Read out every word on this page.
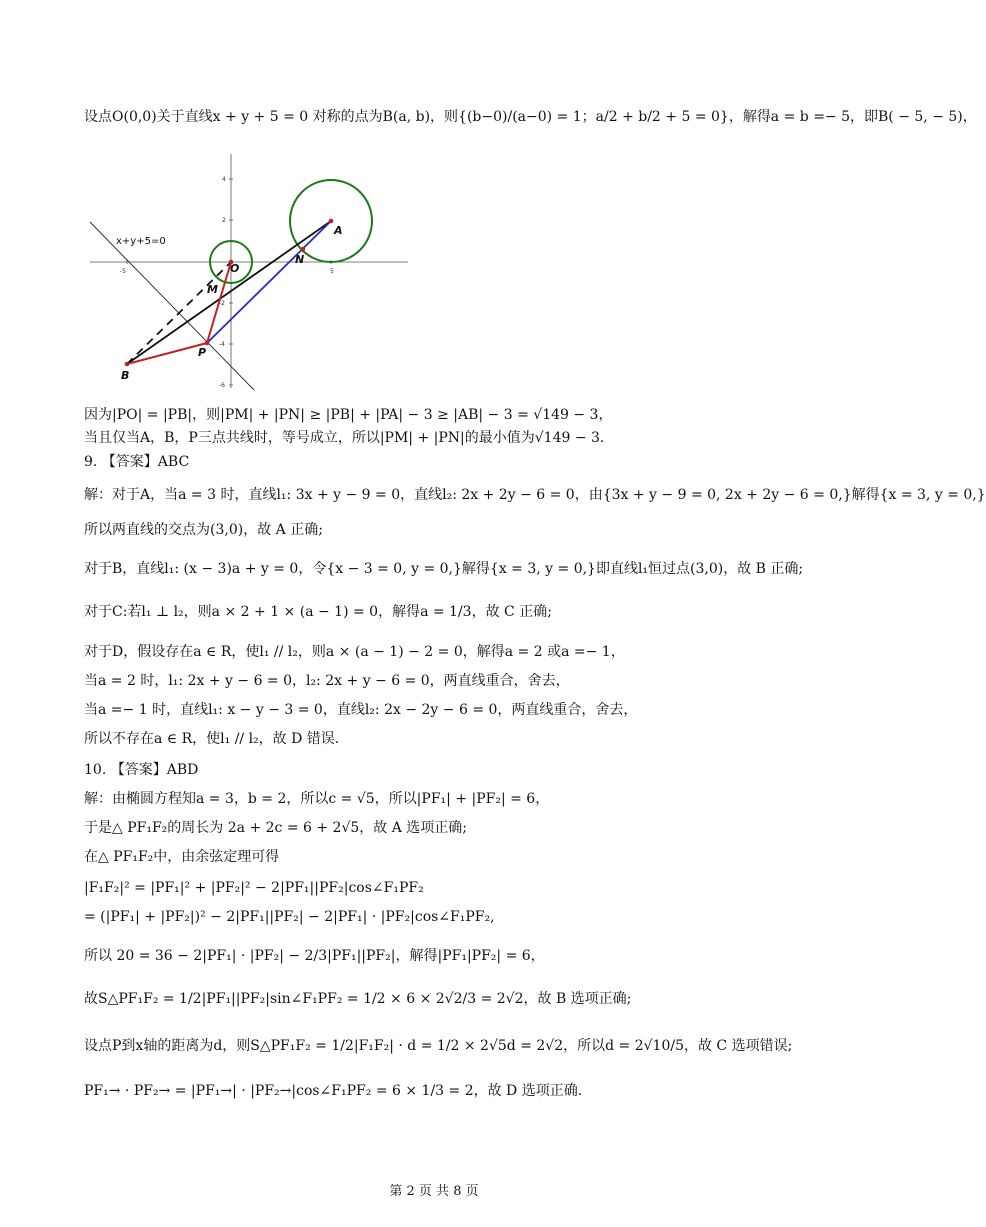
设点O(0,0)关于直线x + y + 5 = 0 对称的点为B(a, b)，则{(b−0)/(a−0) = 1；a/2 + b/2 + 5 = 0}，解得a = b =− 5，即B( − 5, − 5)，
-5	5
4
2
-2
-4
-6
x+y+5=0
O
A
B
P
M
N
因为|PO| = |PB|，则|PM| + |PN| ≥ |PB| + |PA| − 3 ≥ |AB| − 3 = √149 − 3，
当且仅当A，B，P三点共线时，等号成立，所以|PM| + |PN|的最小值为√149 − 3.
9. 【答案】ABC
解：对于A，当a = 3 时，直线l₁: 3x + y − 9 = 0，直线l₂: 2x + 2y − 6 = 0，由{3x + y − 9 = 0, 2x + 2y − 6 = 0,}解得{x = 3, y = 0,}
所以两直线的交点为(3,0)，故 A 正确;
对于B，直线l₁: (x − 3)a + y = 0，令{x − 3 = 0, y = 0,}解得{x = 3, y = 0,}即直线l₁恒过点(3,0)，故 B 正确;
对于C:若l₁ ⊥ l₂，则a × 2 + 1 × (a − 1) = 0，解得a = 1/3，故 C 正确;
对于D，假设存在a ∈ R，使l₁ // l₂，则a × (a − 1) − 2 = 0，解得a = 2 或a =− 1，
当a = 2 时，l₁: 2x + y − 6 = 0，l₂: 2x + y − 6 = 0，两直线重合，舍去，
当a =− 1 时，直线l₁: x − y − 3 = 0，直线l₂: 2x − 2y − 6 = 0，两直线重合，舍去，
所以不存在a ∈ R，使l₁ // l₂，故 D 错误.
10. 【答案】ABD
解：由椭圆方程知a = 3，b = 2，所以c = √5，所以|PF₁| + |PF₂| = 6，
于是△ PF₁F₂的周长为 2a + 2c = 6 + 2√5，故 A 选项正确;
在△ PF₁F₂中，由余弦定理可得
|F₁F₂|² = |PF₁|² + |PF₂|² − 2|PF₁||PF₂|cos∠F₁PF₂
= (|PF₁| + |PF₂|)² − 2|PF₁||PF₂| − 2|PF₁| · |PF₂|cos∠F₁PF₂,
所以 20 = 36 − 2|PF₁| · |PF₂| − 2/3|PF₁||PF₂|，解得|PF₁|PF₂| = 6，
故S△PF₁F₂ = 1/2|PF₁||PF₂|sin∠F₁PF₂ = 1/2 × 6 × 2√2/3 = 2√2，故 B 选项正确;
设点P到x轴的距离为d，则S△PF₁F₂ = 1/2|F₁F₂| · d = 1/2 × 2√5d = 2√2，所以d = 2√10/5，故 C 选项错误;
PF₁→ · PF₂→ = |PF₁→| · |PF₂→|cos∠F₁PF₂ = 6 × 1/3 = 2，故 D 选项正确.
第 2 页 共 8 页
